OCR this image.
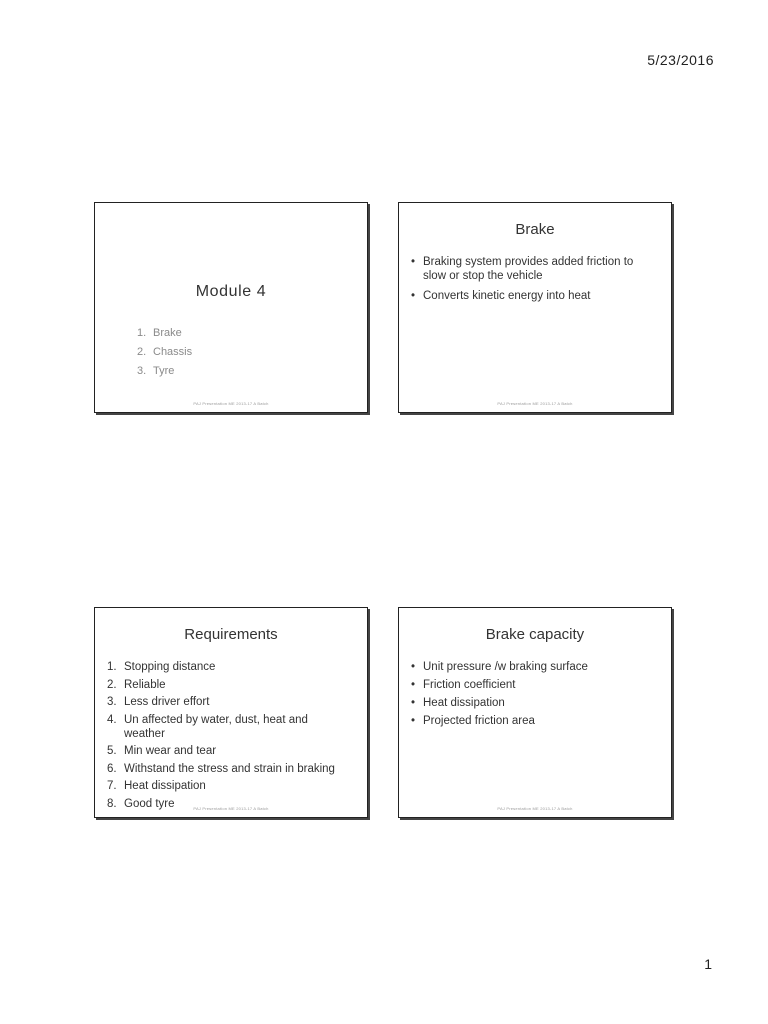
5/23/2016
Module 4
1. Brake
2. Chassis
3. Tyre
PAJ Presentation ME 2013-17 A Batch
Brake
• Braking system provides added friction to slow or stop the vehicle
• Converts kinetic energy into heat
PAJ Presentation ME 2013-17 A Batch
Requirements
1. Stopping distance
2. Reliable
3. Less driver effort
4. Un affected by water, dust, heat and weather
5. Min wear and tear
6. Withstand the stress and strain in braking
7. Heat dissipation
8. Good tyre	PAJ Presentation ME 2013-17 A Batch
Brake capacity
• Unit pressure /w braking surface
• Friction coefficient
• Heat dissipation
• Projected friction area
PAJ Presentation ME 2013-17 A Batch
1
